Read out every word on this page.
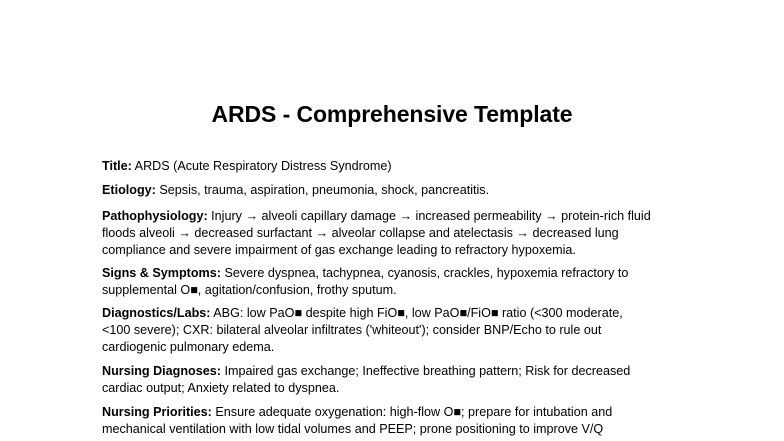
ARDS - Comprehensive Template
Title: ARDS (Acute Respiratory Distress Syndrome)
Etiology: Sepsis, trauma, aspiration, pneumonia, shock, pancreatitis.
Pathophysiology: Injury → alveoli capillary damage → increased permeability → protein-rich fluid
floods alveoli → decreased surfactant → alveolar collapse and atelectasis → decreased lung
compliance and severe impairment of gas exchange leading to refractory hypoxemia.
Signs & Symptoms: Severe dyspnea, tachypnea, cyanosis, crackles, hypoxemia refractory to
supplemental O■, agitation/confusion, frothy sputum.
Diagnostics/Labs: ABG: low PaO■ despite high FiO■, low PaO■/FiO■ ratio (<300 moderate,
<100 severe); CXR: bilateral alveolar infiltrates ('whiteout'); consider BNP/Echo to rule out
cardiogenic pulmonary edema.
Nursing Diagnoses: Impaired gas exchange; Ineffective breathing pattern; Risk for decreased
cardiac output; Anxiety related to dyspnea.
Nursing Priorities: Ensure adequate oxygenation: high-flow O■; prepare for intubation and
mechanical ventilation with low tidal volumes and PEEP; prone positioning to improve V/Q
